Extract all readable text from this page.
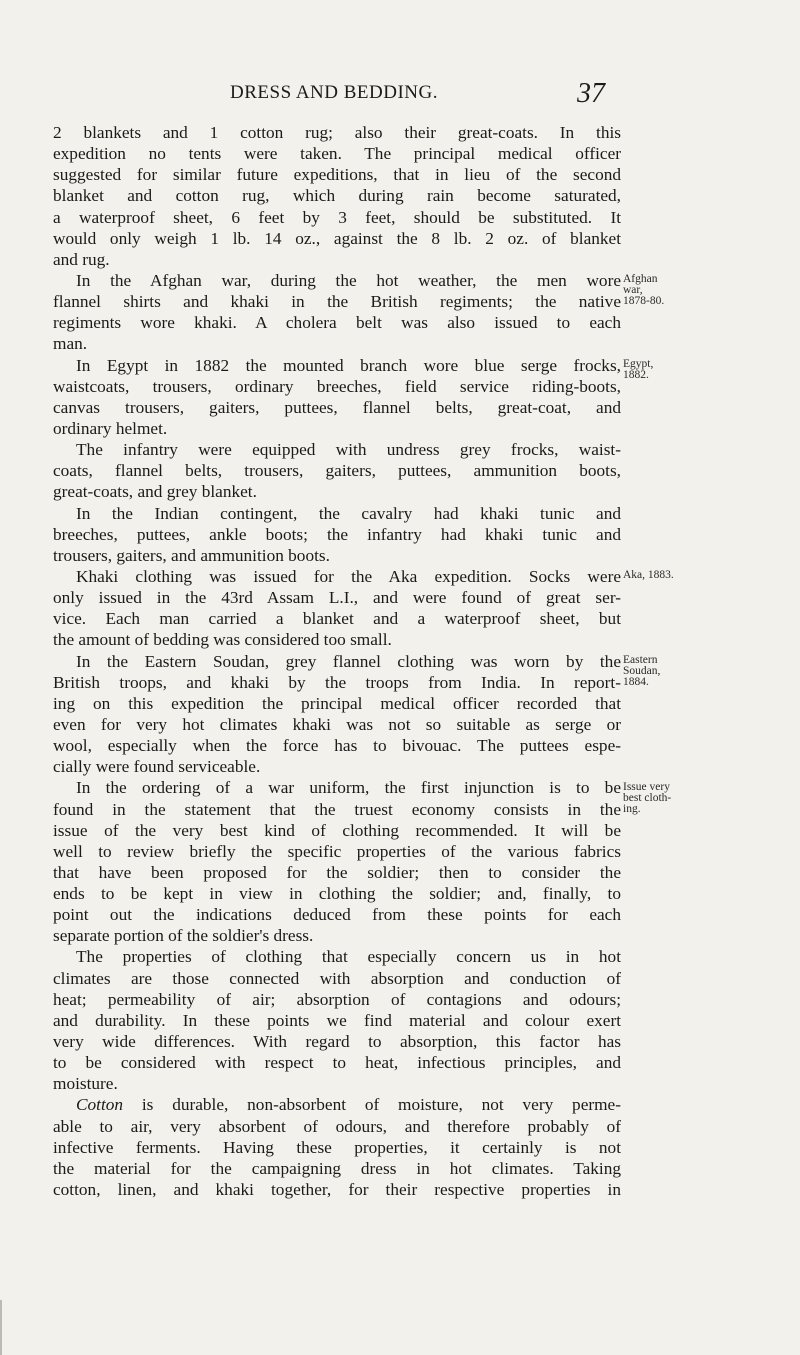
DRESS AND BEDDING.	37
2 blankets and 1 cotton rug; also their great-coats. In this
expedition no tents were taken. The principal medical officer
suggested for similar future expeditions, that in lieu of the second
blanket and cotton rug, which during rain become saturated,
a waterproof sheet, 6 feet by 3 feet, should be substituted. It
would only weigh 1 lb. 14 oz., against the 8 lb. 2 oz. of blanket
and rug.
In the Afghan war, during the hot weather, the men wore
flannel shirts and khaki in the British regiments; the native
regiments wore khaki. A cholera belt was also issued to each
man.
In Egypt in 1882 the mounted branch wore blue serge frocks,
waistcoats, trousers, ordinary breeches, field service riding-boots,
canvas trousers, gaiters, puttees, flannel belts, great-coat, and
ordinary helmet.
The infantry were equipped with undress grey frocks, waist-
coats, flannel belts, trousers, gaiters, puttees, ammunition boots,
great-coats, and grey blanket.
In the Indian contingent, the cavalry had khaki tunic and
breeches, puttees, ankle boots; the infantry had khaki tunic and
trousers, gaiters, and ammunition boots.
Khaki clothing was issued for the Aka expedition. Socks were
only issued in the 43rd Assam L.I., and were found of great ser-
vice. Each man carried a blanket and a waterproof sheet, but
the amount of bedding was considered too small.
In the Eastern Soudan, grey flannel clothing was worn by the
British troops, and khaki by the troops from India. In report-
ing on this expedition the principal medical officer recorded that
even for very hot climates khaki was not so suitable as serge or
wool, especially when the force has to bivouac. The puttees espe-
cially were found serviceable.
In the ordering of a war uniform, the first injunction is to be
found in the statement that the truest economy consists in the
issue of the very best kind of clothing recommended. It will be
well to review briefly the specific properties of the various fabrics
that have been proposed for the soldier; then to consider the
ends to be kept in view in clothing the soldier; and, finally, to
point out the indications deduced from these points for each
separate portion of the soldier's dress.
The properties of clothing that especially concern us in hot
climates are those connected with absorption and conduction of
heat; permeability of air; absorption of contagions and odours;
and durability. In these points we find material and colour exert
very wide differences. With regard to absorption, this factor has
to be considered with respect to heat, infectious principles, and
moisture.
Cotton is durable, non-absorbent of moisture, not very perme-
able to air, very absorbent of odours, and therefore probably of
infective ferments. Having these properties, it certainly is not
the material for the campaigning dress in hot climates. Taking
cotton, linen, and khaki together, for their respective properties in
Afghan
war,
1878-80.
Egypt,
1882.
Aka, 1883.
Eastern
Soudan,
1884.
Issue very
best cloth-
ing.
